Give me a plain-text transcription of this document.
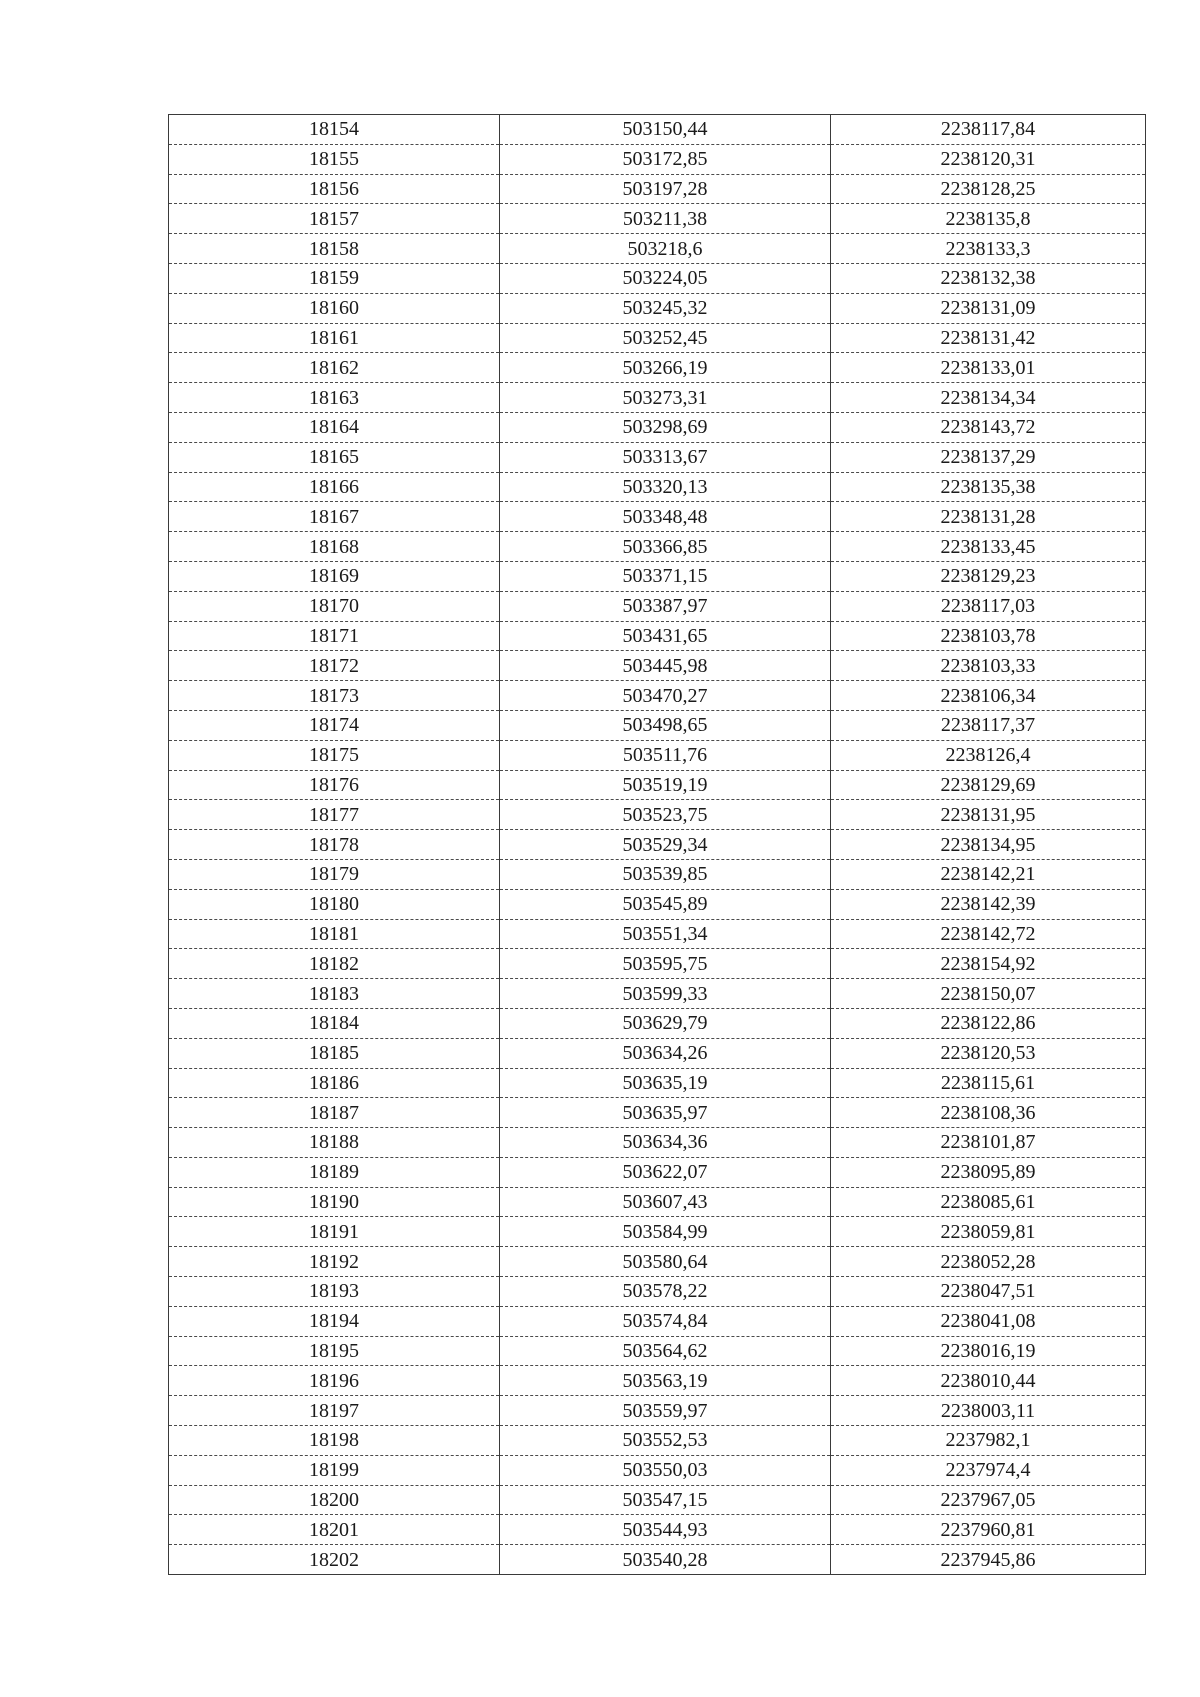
18154	503150,44	2238117,84
18155	503172,85	2238120,31
18156	503197,28	2238128,25
18157	503211,38	2238135,8
18158	503218,6	2238133,3
18159	503224,05	2238132,38
18160	503245,32	2238131,09
18161	503252,45	2238131,42
18162	503266,19	2238133,01
18163	503273,31	2238134,34
18164	503298,69	2238143,72
18165	503313,67	2238137,29
18166	503320,13	2238135,38
18167	503348,48	2238131,28
18168	503366,85	2238133,45
18169	503371,15	2238129,23
18170	503387,97	2238117,03
18171	503431,65	2238103,78
18172	503445,98	2238103,33
18173	503470,27	2238106,34
18174	503498,65	2238117,37
18175	503511,76	2238126,4
18176	503519,19	2238129,69
18177	503523,75	2238131,95
18178	503529,34	2238134,95
18179	503539,85	2238142,21
18180	503545,89	2238142,39
18181	503551,34	2238142,72
18182	503595,75	2238154,92
18183	503599,33	2238150,07
18184	503629,79	2238122,86
18185	503634,26	2238120,53
18186	503635,19	2238115,61
18187	503635,97	2238108,36
18188	503634,36	2238101,87
18189	503622,07	2238095,89
18190	503607,43	2238085,61
18191	503584,99	2238059,81
18192	503580,64	2238052,28
18193	503578,22	2238047,51
18194	503574,84	2238041,08
18195	503564,62	2238016,19
18196	503563,19	2238010,44
18197	503559,97	2238003,11
18198	503552,53	2237982,1
18199	503550,03	2237974,4
18200	503547,15	2237967,05
18201	503544,93	2237960,81
18202	503540,28	2237945,86
